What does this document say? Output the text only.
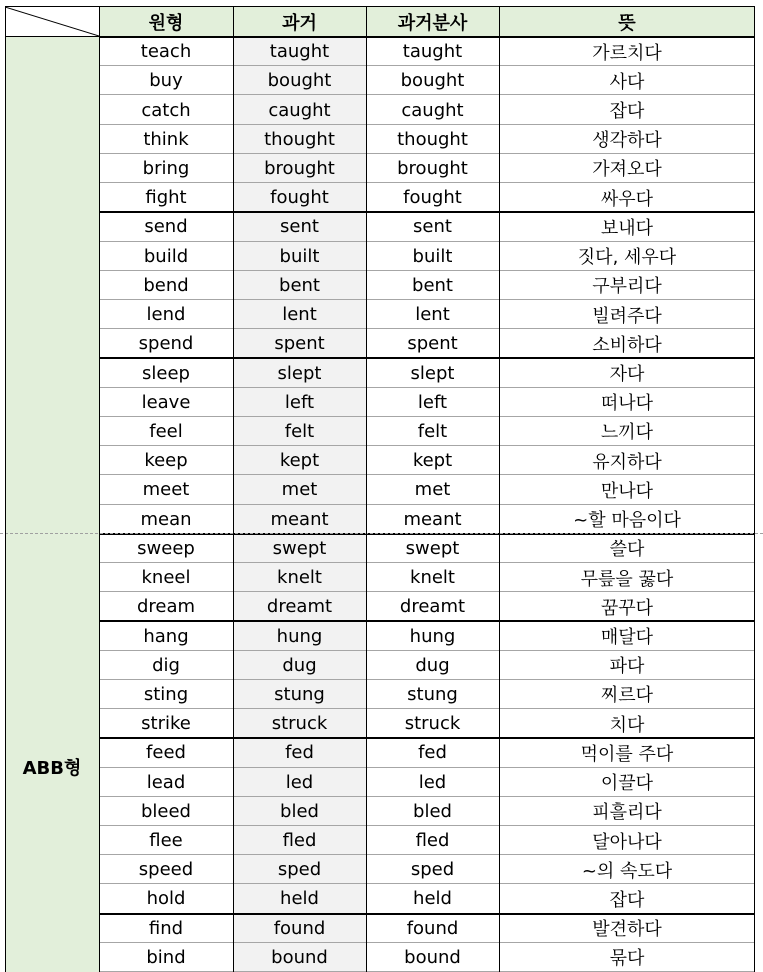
원형	과거	과거분사	뜻
ABB형
teach	taught	taught	가르치다
buy	bought	bought	사다
catch	caught	caught	잡다
think	thought	thought	생각하다
bring	brought	brought	가져오다
fight	fought	fought	싸우다
send	sent	sent	보내다
build	built	built	짓다, 세우다
bend	bent	bent	구부리다
lend	lent	lent	빌려주다
spend	spent	spent	소비하다
sleep	slept	slept	자다
leave	left	left	떠나다
feel	felt	felt	느끼다
keep	kept	kept	유지하다
meet	met	met	만나다
mean	meant	meant	~할 마음이다
sweep	swept	swept	쓸다
kneel	knelt	knelt	무릎을 꿇다
dream	dreamt	dreamt	꿈꾸다
hang	hung	hung	매달다
dig	dug	dug	파다
sting	stung	stung	찌르다
strike	struck	struck	치다
feed	fed	fed	먹이를 주다
lead	led	led	이끌다
bleed	bled	bled	피흘리다
flee	fled	fled	달아나다
speed	sped	sped	~의 속도다
hold	held	held	잡다
find	found	found	발견하다
bind	bound	bound	묶다
